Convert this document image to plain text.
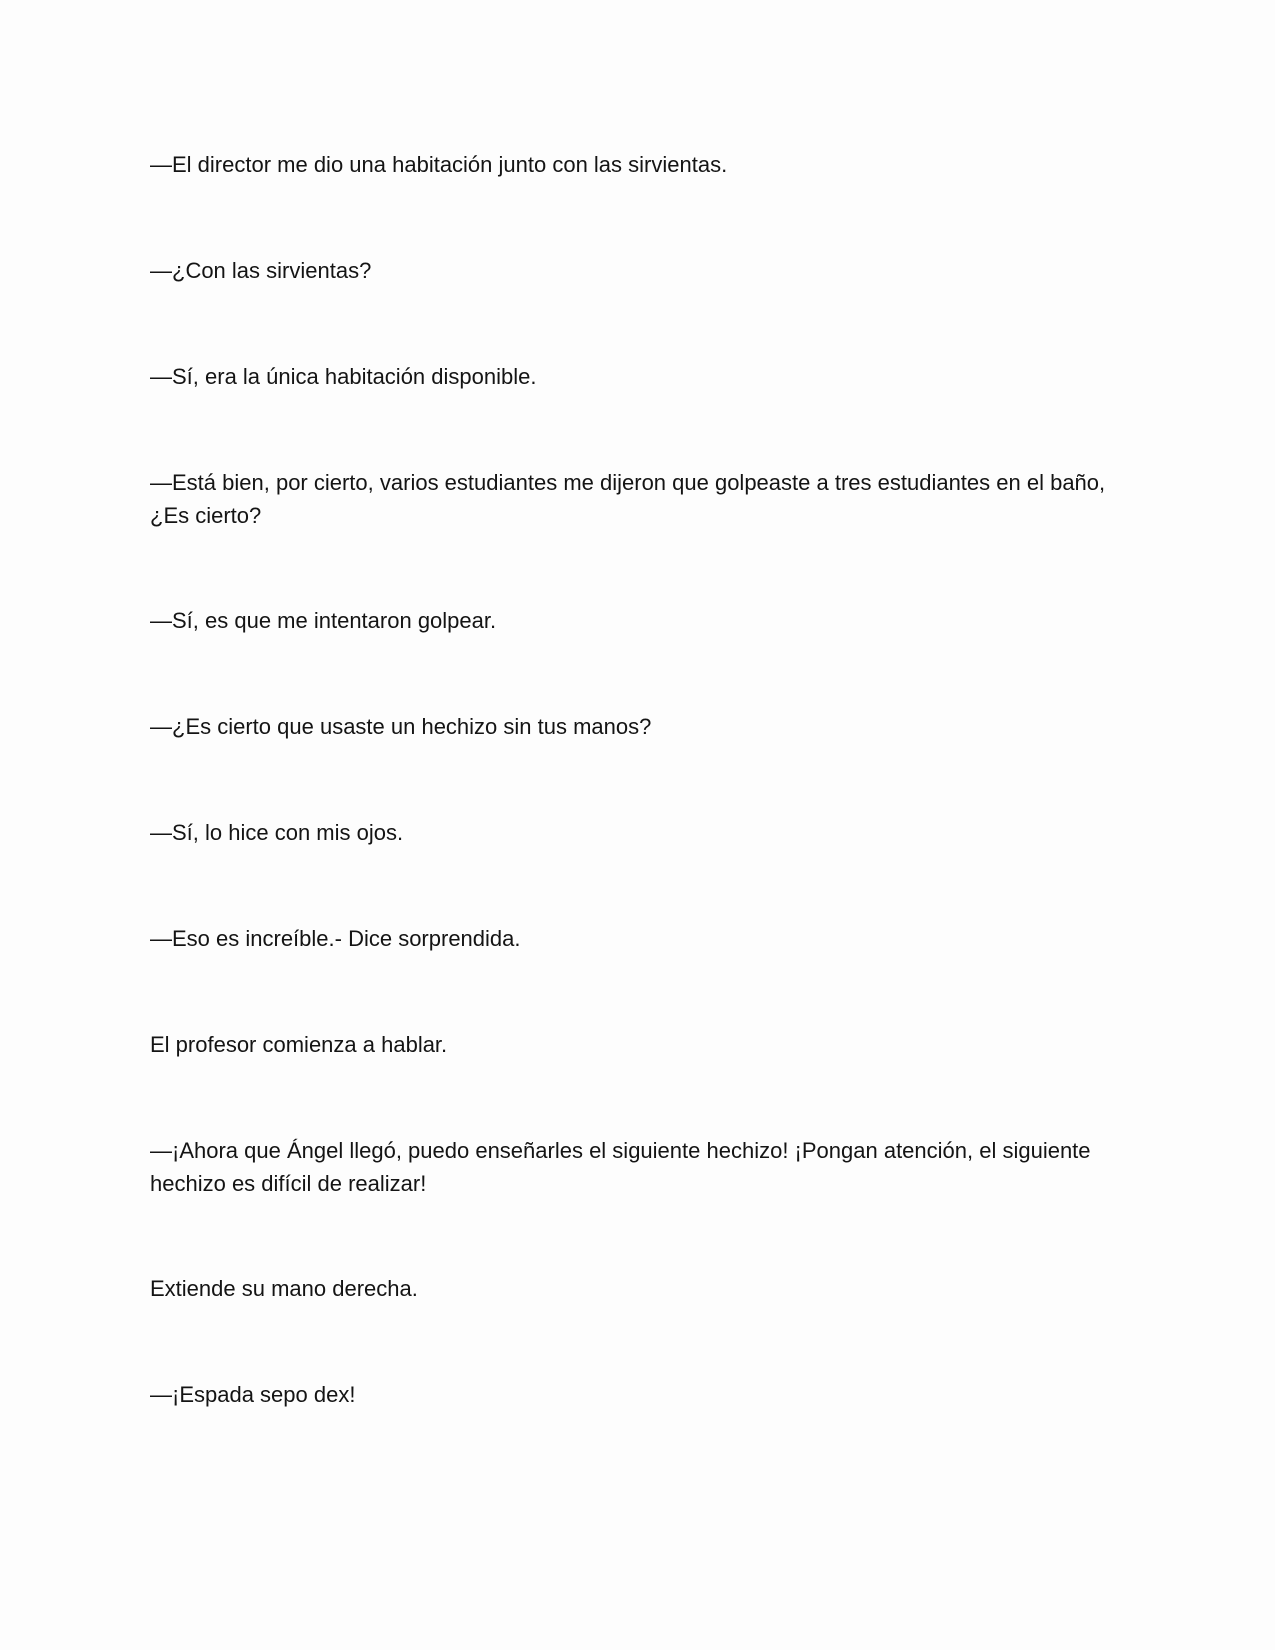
—El director me dio una habitación junto con las sirvientas.

—¿Con las sirvientas?

—Sí, era la única habitación disponible.

—Está bien, por cierto, varios estudiantes me dijeron que golpeaste a tres estudiantes en el baño, ¿Es cierto?

—Sí, es que me intentaron golpear.

—¿Es cierto que usaste un hechizo sin tus manos?

—Sí, lo hice con mis ojos.

—Eso es increíble.- Dice sorprendida.

El profesor comienza a hablar.

—¡Ahora que Ángel llegó, puedo enseñarles el siguiente hechizo! ¡Pongan atención, el siguiente hechizo es difícil de realizar!

Extiende su mano derecha.

—¡Espada sepo dex!
